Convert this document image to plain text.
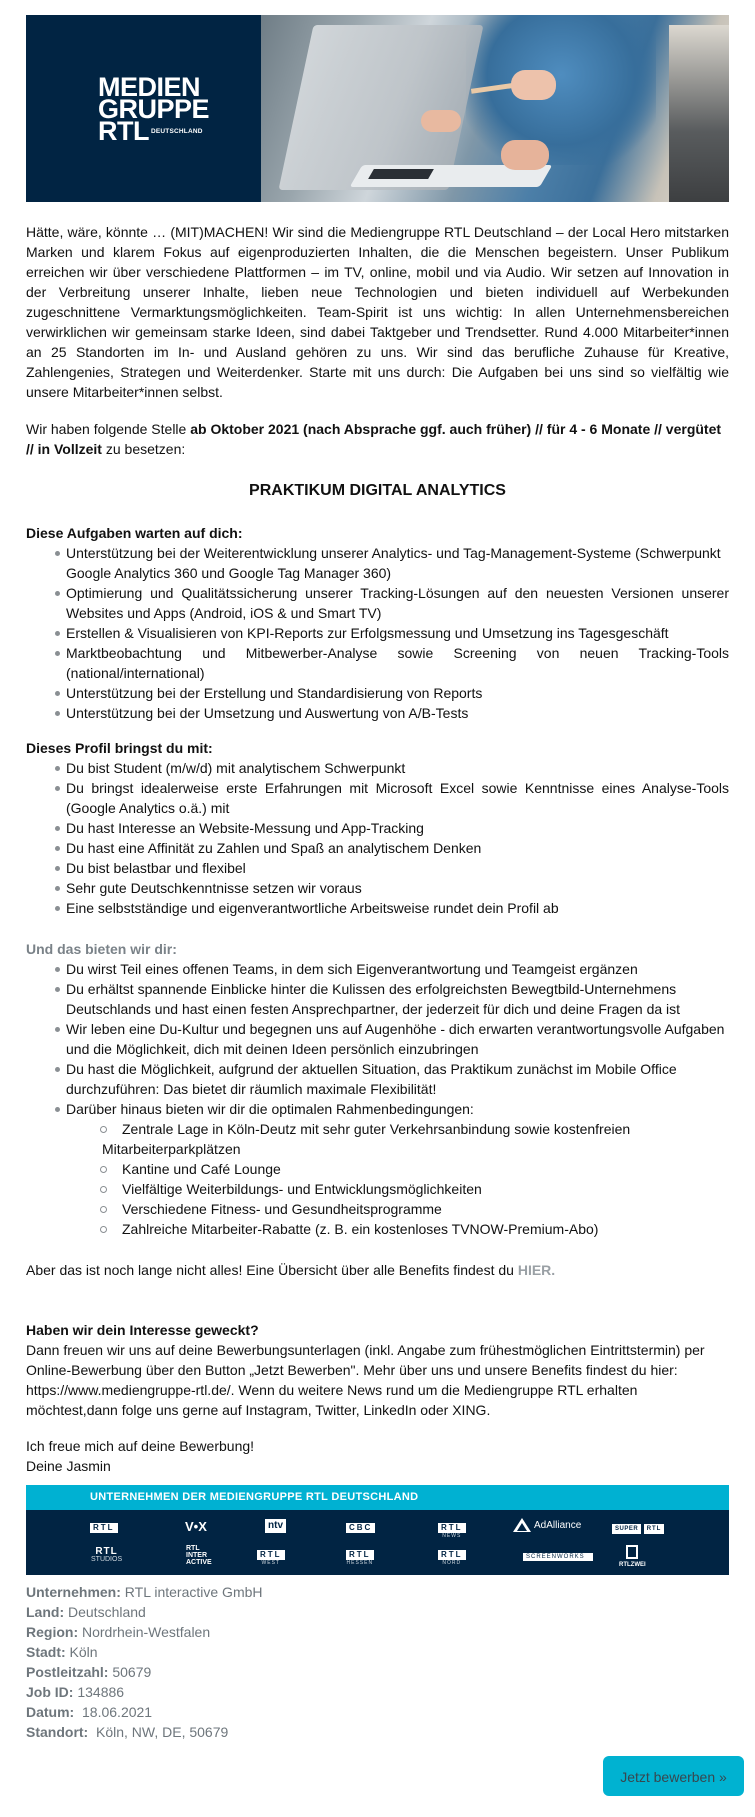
MEDIEN
GRUPPE
RTL DEUTSCHLAND

Hätte, wäre, könnte … (MIT)MACHEN! Wir sind die Mediengruppe RTL Deutschland – der Local Hero mitstarken Marken und klarem Fokus auf eigenproduzierten Inhalten, die die Menschen begeistern. Unser Publikum erreichen wir über verschiedene Plattformen – im TV, online, mobil und via Audio. Wir setzen auf Innovation in der Verbreitung unserer Inhalte, lieben neue Technologien und bieten individuell auf Werbekunden zugeschnittene Vermarktungsmöglichkeiten. Team-Spirit ist uns wichtig: In allen Unternehmensbereichen verwirklichen wir gemeinsam starke Ideen, sind dabei Taktgeber und Trendsetter. Rund 4.000 Mitarbeiter*innen an 25 Standorten im In- und Ausland gehören zu uns. Wir sind das berufliche Zuhause für Kreative, Zahlengenies, Strategen und Weiterdenker. Starte mit uns durch: Die Aufgaben bei uns sind so vielfältig wie unsere Mitarbeiter*innen selbst.

Wir haben folgende Stelle ab Oktober 2021 (nach Absprache ggf. auch früher) // für 4 - 6 Monate // vergütet // in Vollzeit zu besetzen:

PRAKTIKUM DIGITAL ANALYTICS
Diese Aufgaben warten auf dich:
Unterstützung bei der Weiterentwicklung unserer Analytics- und Tag-Management-Systeme (Schwerpunkt Google Analytics 360 und Google Tag Manager 360)
Optimierung und Qualitätssicherung unserer Tracking-Lösungen auf den neuesten Versionen unserer Websites und Apps (Android, iOS & und Smart TV)
Erstellen & Visualisieren von KPI-Reports zur Erfolgsmessung und Umsetzung ins Tagesgeschäft
Marktbeobachtung und Mitbewerber-Analyse sowie Screening von neuen Tracking-Tools (national/international)
Unterstützung bei der Erstellung und Standardisierung von Reports
Unterstützung bei der Umsetzung und Auswertung von A/B-Tests
Dieses Profil bringst du mit:
Du bist Student (m/w/d) mit analytischem Schwerpunkt
Du bringst idealerweise erste Erfahrungen mit Microsoft Excel sowie Kenntnisse eines Analyse-Tools (Google Analytics o.ä.) mit
Du hast Interesse an Website-Messung und App-Tracking
Du hast eine Affinität zu Zahlen und Spaß an analytischem Denken
Du bist belastbar und flexibel
Sehr gute Deutschkenntnisse setzen wir voraus
Eine selbstständige und eigenverantwortliche Arbeitsweise rundet dein Profil ab
Und das bieten wir dir:
Du wirst Teil eines offenen Teams, in dem sich Eigenverantwortung und Teamgeist ergänzen
Du erhältst spannende Einblicke hinter die Kulissen des erfolgreichsten Bewegtbild-Unternehmens Deutschlands und hast einen festen Ansprechpartner, der jederzeit für dich und deine Fragen da ist
Wir leben eine Du-Kultur und begegnen uns auf Augenhöhe - dich erwarten verantwortungsvolle Aufgaben und die Möglichkeit, dich mit deinen Ideen persönlich einzubringen
Du hast die Möglichkeit, aufgrund der aktuellen Situation, das Praktikum zunächst im Mobile Office durchzuführen: Das bietet dir räumlich maximale Flexibilität!
Darüber hinaus bieten wir dir die optimalen Rahmenbedingungen:
Zentrale Lage in Köln-Deutz mit sehr guter Verkehrsanbindung sowie kostenfreien Mitarbeiterparkplätzen
Kantine und Café Lounge
Vielfältige Weiterbildungs- und Entwicklungsmöglichkeiten
Verschiedene Fitness- und Gesundheitsprogramme
Zahlreiche Mitarbeiter-Rabatte (z. B. ein kostenloses TVNOW-Premium-Abo)

Aber das ist noch lange nicht alles! Eine Übersicht über alle Benefits findest du HIER.

Haben wir dein Interesse geweckt?

Dann freuen wir uns auf deine Bewerbungsunterlagen (inkl. Angabe zum frühestmöglichen Eintrittstermin) per Online-Bewerbung über den Button „Jetzt Bewerben". Mehr über uns und unsere Benefits findest du hier: https://www.mediengruppe-rtl.de/. Wenn du weitere News rund um die Mediengruppe RTL erhalten möchtest,dann folge uns gerne auf Instagram, Twitter, LinkedIn oder XING.

Ich freue mich auf deine Bewerbung!
Deine Jasmin
UNTERNEHMEN DER MEDIENGRUPPE RTL DEUTSCHLAND
RTL	V•X	ntv	CBC	RTL
NEWS
AdAlliance	SUPER RTL
RTL
STUDIOS
RTL
INTER
ACTIVE
RTL
WEST
RTL
HESSEN
RTL
NORD
SCREENWORKS
RTLZWEI
Unternehmen: RTL interactive GmbH
Land: Deutschland
Region: Nordrhein-Westfalen
Stadt: Köln
Postleitzahl: 50679
Job ID: 134886
Datum:  18.06.2021
Standort:  Köln, NW, DE, 50679
Jetzt bewerben »
